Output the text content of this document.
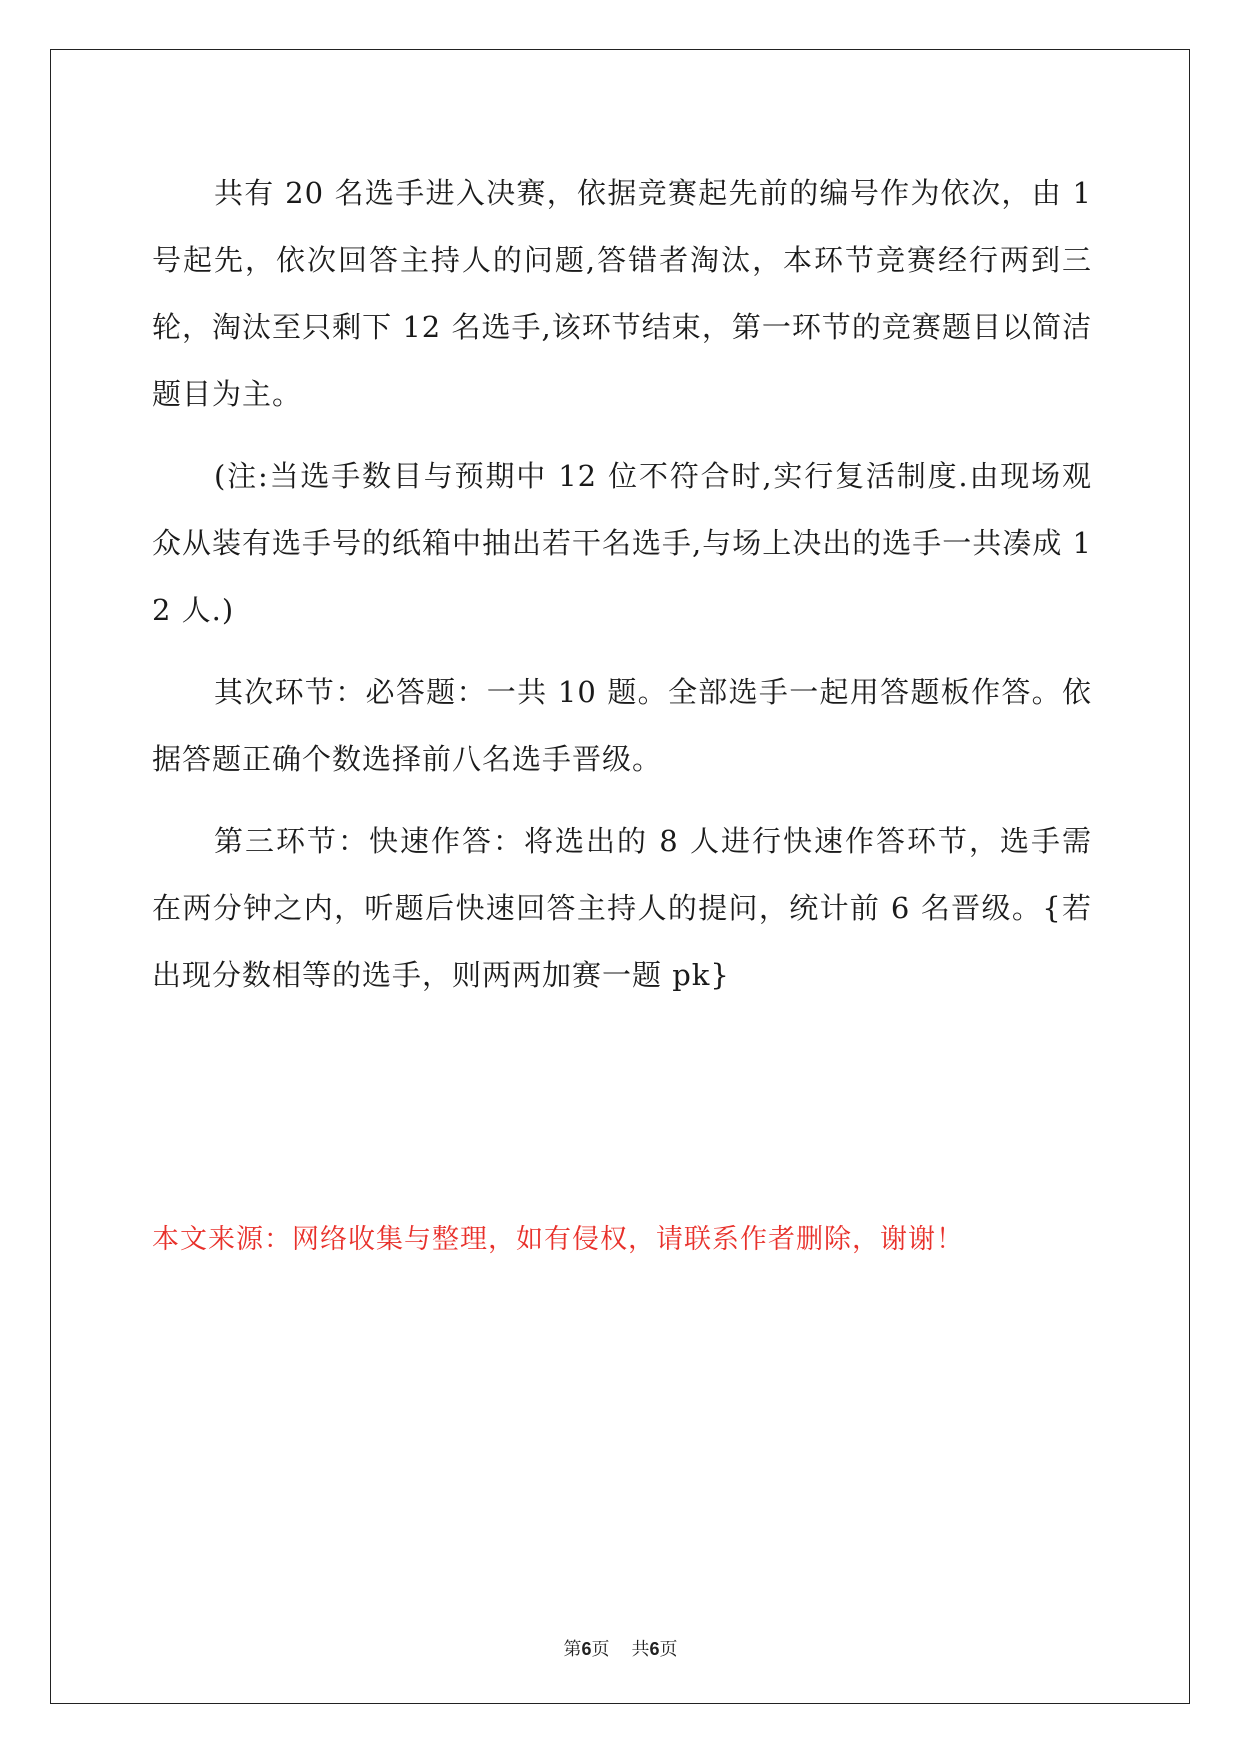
共有 20 名选手进入决赛，依据竞赛起先前的编号作为依次，由 1 号起先，依次回答主持人的问题,答错者淘汰，本环节竞赛经行两到三轮，淘汰至只剩下 12 名选手,该环节结束，第一环节的竞赛题目以简洁题目为主。

(注:当选手数目与预期中 12 位不符合时,实行复活制度.由现场观众从装有选手号的纸箱中抽出若干名选手,与场上决出的选手一共凑成 12 人.)

其次环节：必答题：一共 10 题。全部选手一起用答题板作答。依据答题正确个数选择前八名选手晋级。

第三环节：快速作答：将选出的 8 人进行快速作答环节，选手需在两分钟之内，听题后快速回答主持人的提问，统计前 6 名晋级。{若出现分数相等的选手，则两两加赛一题 pk}

本文来源：网络收集与整理，如有侵权，请联系作者删除，谢谢！
第6页 共6页
